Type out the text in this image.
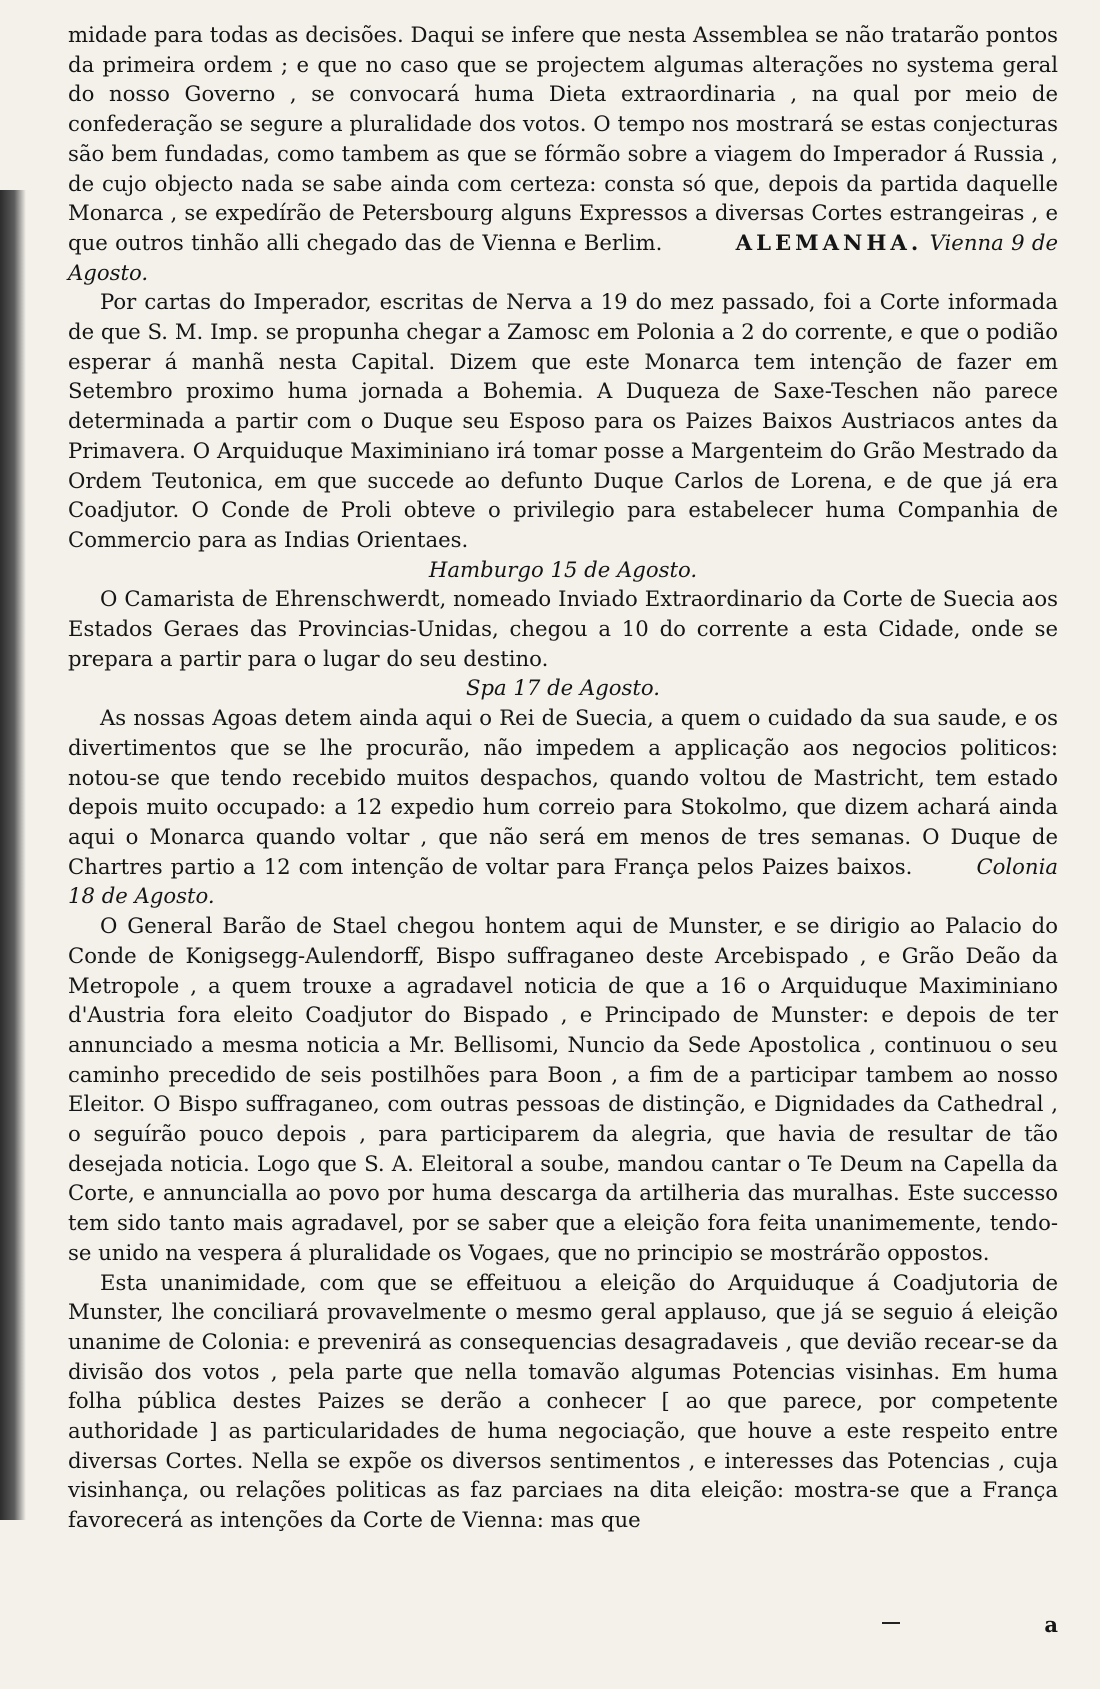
midade para todas as decisões. Daqui se infere que nesta Assemblea se não tratarão pontos da primeira ordem ; e que no caso que se projectem algumas alterações no systema geral do nosso Governo , se convocará huma Dieta extraordinaria , na qual por meio de confederação se segure a pluralidade dos votos. O tempo nos mostrará se estas conjecturas são bem fundadas, como tambem as que se fórmão sobre a viagem do Imperador á Russia , de cujo objecto nada se sabe ainda com certeza: consta só que, depois da partida daquelle Monarca , se expedírão de Petersbourg alguns Expressos a diversas Cortes estrangeiras , e que outros tinhão alli chegado das de Vienna e Berlim.	ALEMANHA. Vienna 9 de Agosto.

Por cartas do Imperador, escritas de Nerva a 19 do mez passado, foi a Corte informada de que S. M. Imp. se propunha chegar a Zamosc em Polonia a 2 do corrente, e que o podião esperar á manhã nesta Capital. Dizem que este Monarca tem intenção de fazer em Setembro proximo huma jornada a Bohemia. A Duqueza de Saxe-Teschen não parece determinada a partir com o Duque seu Esposo para os Paizes Baixos Austriacos antes da Primavera. O Arquiduque Maximiniano irá tomar posse a Margenteim do Grão Mestrado da Ordem Teutonica, em que succede ao defunto Duque Carlos de Lorena, e de que já era Coadjutor. O Conde de Proli obteve o privilegio para estabelecer huma Companhia de Commercio para as Indias Orientaes.

Hamburgo 15 de Agosto.

O Camarista de Ehrenschwerdt, nomeado Inviado Extraordinario da Corte de Suecia aos Estados Geraes das Provincias-Unidas, chegou a 10 do corrente a esta Cidade, onde se prepara a partir para o lugar do seu destino.

Spa 17 de Agosto.

As nossas Agoas detem ainda aqui o Rei de Suecia, a quem o cuidado da sua saude, e os divertimentos que se lhe procurão, não impedem a applicação aos negocios politicos: notou-se que tendo recebido muitos despachos, quando voltou de Mastricht, tem estado depois muito occupado: a 12 expedio hum correio para Stokolmo, que dizem achará ainda aqui o Monarca quando voltar , que não será em menos de tres semanas. O Duque de Chartres partio a 12 com intenção de voltar para França pelos Paizes baixos.	Colonia 18 de Agosto.

O General Barão de Stael chegou hontem aqui de Munster, e se dirigio ao Palacio do Conde de Konigsegg-Aulendorff, Bispo suffraganeo deste Arcebispado , e Grão Deão da Metropole , a quem trouxe a agradavel noticia de que a 16 o Arquiduque Maximiniano d'Austria fora eleito Coadjutor do Bispado , e Principado de Munster: e depois de ter annunciado a mesma noticia a Mr. Bellisomi, Nuncio da Sede Apostolica , continuou o seu caminho precedido de seis postilhões para Boon , a fim de a participar tambem ao nosso Eleitor. O Bispo suffraganeo, com outras pessoas de distinção, e Dignidades da Cathedral , o seguírão pouco depois , para participarem da alegria, que havia de resultar de tão desejada noticia. Logo que S. A. Eleitoral a soube, mandou cantar o Te Deum na Capella da Corte, e annuncialla ao povo por huma descarga da artilheria das muralhas. Este successo tem sido tanto mais agradavel, por se saber que a eleição fora feita unanimemente, tendo-se unido na vespera á pluralidade os Vogaes, que no principio se mostrárão oppostos.

Esta unanimidade, com que se effeituou a eleição do Arquiduque á Coadjutoria de Munster, lhe conciliará provavelmente o mesmo geral applauso, que já se seguio á eleição unanime de Colonia: e prevenirá as consequencias desagradaveis , que devião recear-se da divisão dos votos , pela parte que nella tomavão algumas Potencias visinhas. Em huma folha pública destes Paizes se derão a conhecer [ ao que parece, por competente authoridade ] as particularidades de huma negociação, que houve a este respeito entre diversas Cortes. Nella se expõe os diversos sentimentos , e interesses das Potencias , cuja visinhança, ou relações politicas as faz parciaes na dita eleição: mostra-se que a França favorecerá as intenções da Corte de Vienna: mas que

a
